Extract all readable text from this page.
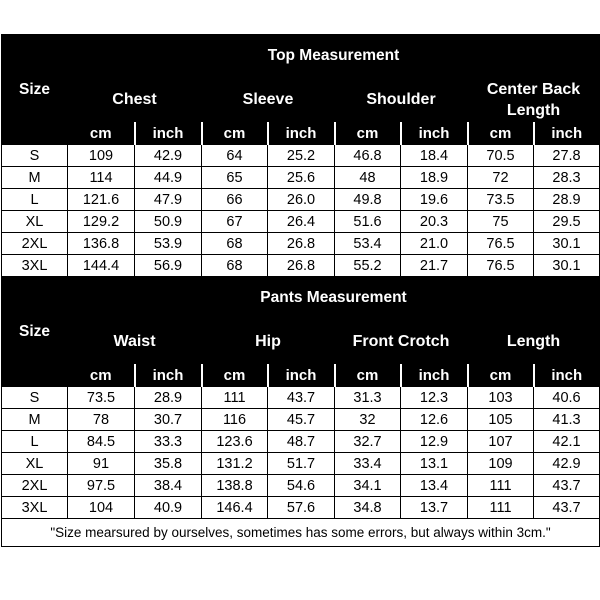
Size	Top Measurement							
	Chest		Sleeve		Shoulder		Center Back Length	
	cm	inch	cm	inch	cm	inch	cm	inch
S	109	42.9	64	25.2	46.8	18.4	70.5	27.8
M	114	44.9	65	25.6	48	18.9	72	28.3
L	121.6	47.9	66	26.0	49.8	19.6	73.5	28.9
XL	129.2	50.9	67	26.4	51.6	20.3	75	29.5
2XL	136.8	53.9	68	26.8	53.4	21.0	76.5	30.1
3XL	144.4	56.9	68	26.8	55.2	21.7	76.5	30.1
Size	Pants Measurement							
	Waist		Hip		Front Crotch		Length	
	cm	inch	cm	inch	cm	inch	cm	inch
S	73.5	28.9	111	43.7	31.3	12.3	103	40.6
M	78	30.7	116	45.7	32	12.6	105	41.3
L	84.5	33.3	123.6	48.7	32.7	12.9	107	42.1
XL	91	35.8	131.2	51.7	33.4	13.1	109	42.9
2XL	97.5	38.4	138.8	54.6	34.1	13.4	111	43.7
3XL	104	40.9	146.4	57.6	34.8	13.7	111	43.7
"Size mearsured by ourselves, sometimes has some errors, but always within 3cm."								
